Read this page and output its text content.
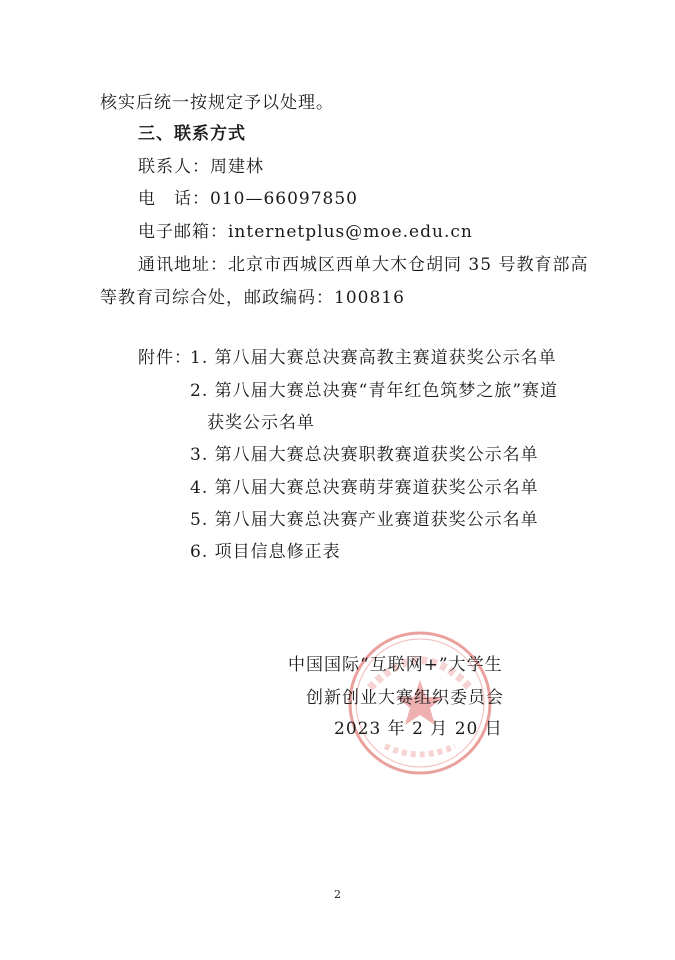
核实后统一按规定予以处理。
三、联系方式
联系人：周建林
电　话：010—66097850
电子邮箱：internetplus@moe.edu.cn
通讯地址：北京市西城区西单大木仓胡同 35 号教育部高
等教育司综合处，邮政编码：100816
附件：
1. 第八届大赛总决赛高教主赛道获奖公示名单
2. 第八届大赛总决赛“青年红色筑梦之旅”赛道
获奖公示名单
3. 第八届大赛总决赛职教赛道获奖公示名单
4. 第八届大赛总决赛萌芽赛道获奖公示名单
5. 第八届大赛总决赛产业赛道获奖公示名单
6. 项目信息修正表
中国国际“互联网+”大学生
创新创业大赛组织委员会
2023 年 2 月 20 日
2
